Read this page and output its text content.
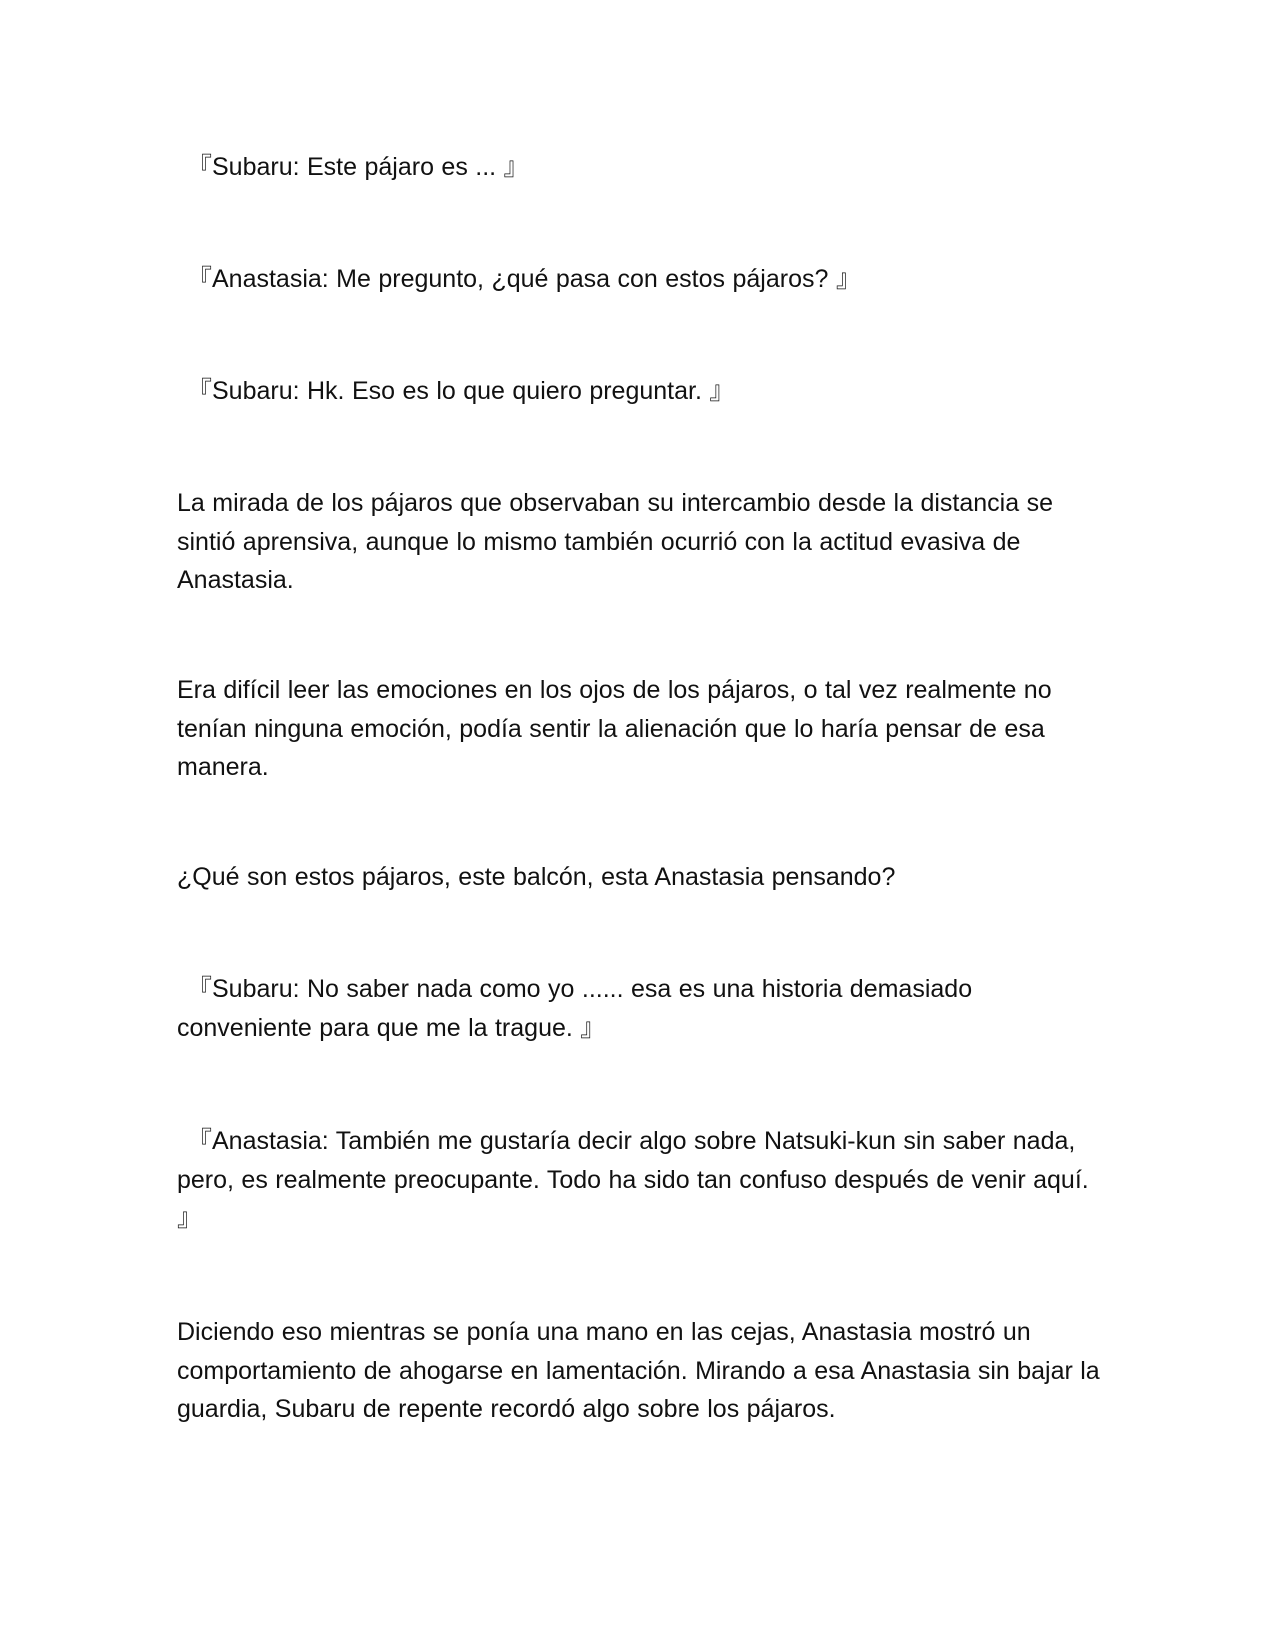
『Subaru: Este pájaro es ... 』

『Anastasia: Me pregunto, ¿qué pasa con estos pájaros? 』

『Subaru: Hk. Eso es lo que quiero preguntar. 』

La mirada de los pájaros que observaban su intercambio desde la distancia se sintió aprensiva, aunque lo mismo también ocurrió con la actitud evasiva de Anastasia.

Era difícil leer las emociones en los ojos de los pájaros, o tal vez realmente no tenían ninguna emoción, podía sentir la alienación que lo haría pensar de esa manera.

¿Qué son estos pájaros, este balcón, esta Anastasia pensando?

『Subaru: No saber nada como yo ...... esa es una historia demasiado conveniente para que me la trague. 』

『Anastasia: También me gustaría decir algo sobre Natsuki-kun sin saber nada, pero, es realmente preocupante. Todo ha sido tan confuso después de venir aquí. 』

Diciendo eso mientras se ponía una mano en las cejas, Anastasia mostró un comportamiento de ahogarse en lamentación. Mirando a esa Anastasia sin bajar la guardia, Subaru de repente recordó algo sobre los pájaros.
